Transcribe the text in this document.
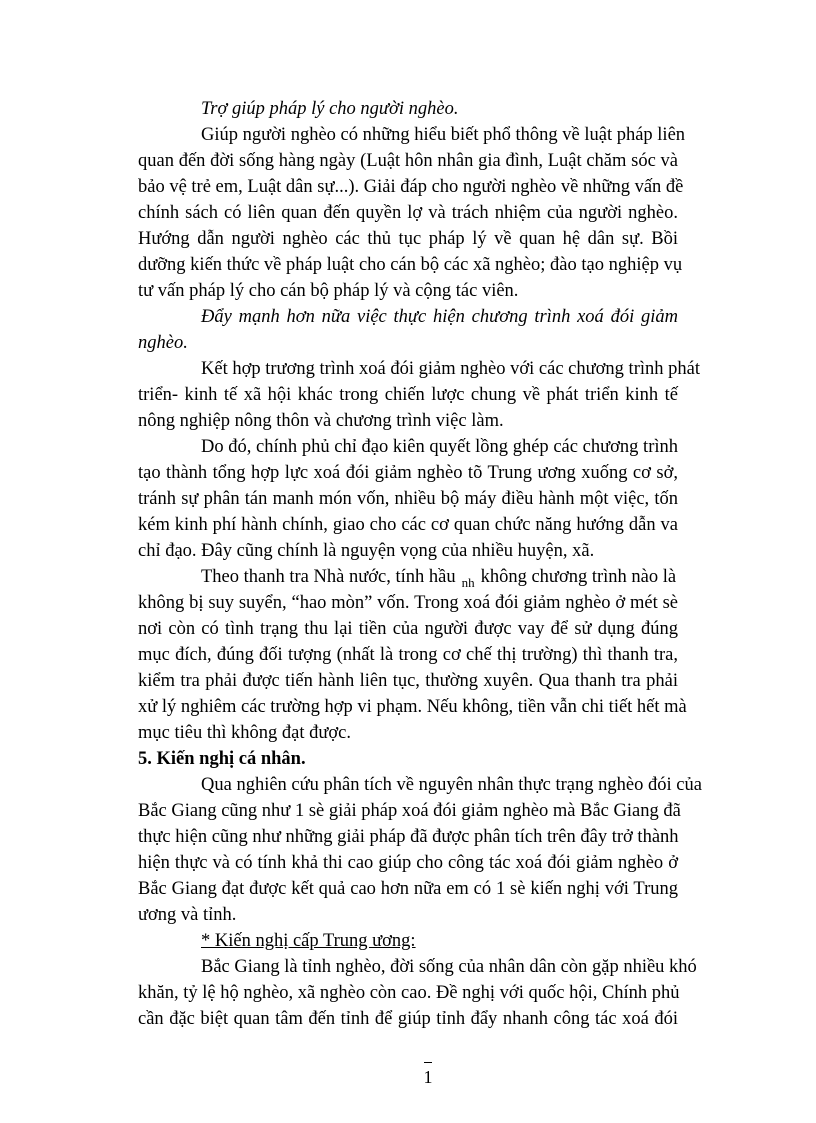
Trợ giúp pháp lý cho người nghèo.
Giúp người nghèo có những hiểu biết phổ thông về luật pháp liên
quan đến đời sống hàng ngày (Luật hôn nhân gia đình, Luật chăm sóc và
bảo vệ trẻ em, Luật dân sự...). Giải đáp cho người nghèo về những vấn đề
chính sách có liên quan đến quyền lợ và trách nhiệm của người nghèo.
Hướng dẫn người nghèo các thủ tục pháp lý về quan hệ dân sự. Bồi
dưỡng kiến thức về pháp luật cho cán bộ các xã nghèo; đào tạo nghiệp vụ
tư vấn pháp lý cho cán bộ pháp lý và cộng tác viên.
Đẩy mạnh hơn nữa việc thực hiện chương trình xoá đói giảm
nghèo.
Kết hợp trương trình xoá đói giảm nghèo với các chương trình phát
triển- kinh tế xã hội khác trong chiến lược chung về phát triển kinh tế
nông nghiệp nông thôn và chương trình việc làm.
Do đó, chính phủ chỉ đạo kiên quyết lồng ghép các chương trình
tạo thành tổng hợp lực xoá đói giảm nghèo tõ Trung ương xuống cơ sở,
tránh sự phân tán manh món vốn, nhiều bộ máy điều hành một việc, tốn
kém kinh phí hành chính, giao cho các cơ quan chức năng hướng dẫn va
chỉ đạo. Đây cũng chính là nguyện vọng của nhiều huyện, xã.
Theo thanh tra Nhà nước, tính hầu $_{nh}$ không chương trình nào là
không bị suy suyển, “hao mòn” vốn. Trong xoá đói giảm nghèo ở mét sè
nơi còn có tình trạng thu lại tiền của người được vay để sử dụng đúng
mục đích, đúng đối tượng (nhất là trong cơ chế thị trường) thì thanh tra,
kiểm tra phải được tiến hành liên tục, thường xuyên. Qua thanh tra phải
xử lý nghiêm các trường hợp vi phạm. Nếu không, tiền vẫn chi tiết hết mà
mục tiêu thì không đạt được.
5. Kiến nghị cá nhân.
Qua nghiên cứu phân tích về nguyên nhân thực trạng nghèo đói của
Bắc Giang cũng như 1 sè giải pháp xoá đói giảm nghèo mà Bắc Giang đã
thực hiện cũng như những giải pháp đã được phân tích trên đây trở thành
hiện thực và có tính khả thi cao giúp cho công tác xoá đói giảm nghèo ở
Bắc Giang đạt được kết quả cao hơn nữa em có 1 sè kiến nghị với Trung
ương và tỉnh.
* Kiến nghị cấp Trung ương:
Bắc Giang là tỉnh nghèo, đời sống của nhân dân còn gặp nhiều khó
khăn, tỷ lệ hộ nghèo, xã nghèo còn cao. Đề nghị với quốc hội, Chính phủ
cần đặc biệt quan tâm đến tỉnh để giúp tỉnh đẩy nhanh công tác xoá đói
1
